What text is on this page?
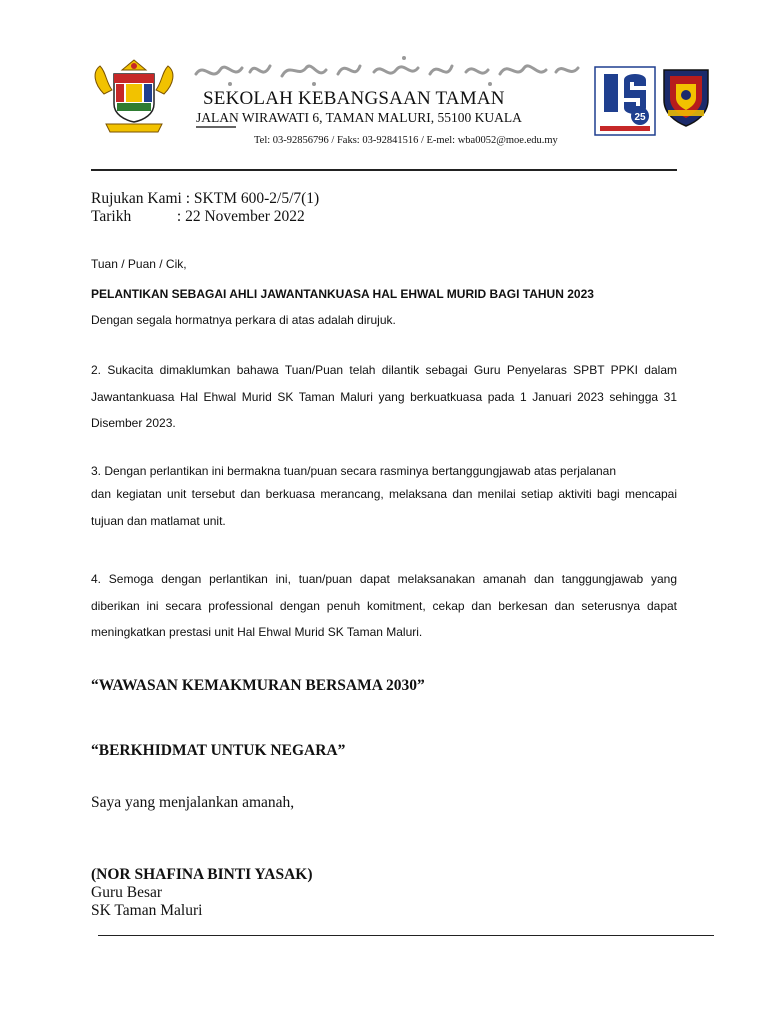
SEKOLAH KEBANGSAAN TAMAN
JALAN WIRAWATI 6, TAMAN MALURI, 55100 KUALA
Tel: 03-92856796 / Faks: 03-92841516 / E-mel: wba0052@moe.edu.my
25
Rujukan Kami : SKTM 600-2/5/7(1)
Tarikh	: 22 November 2022
Tuan / Puan / Cik,
PELANTIKAN SEBAGAI AHLI JAWANTANKUASA HAL EHWAL MURID BAGI TAHUN 2023
Dengan segala hormatnya perkara di atas adalah dirujuk.
2. Sukacita dimaklumkan bahawa Tuan/Puan telah dilantik sebagai Guru Penyelaras SPBT PPKI dalam Jawantankuasa Hal Ehwal Murid SK Taman Maluri yang berkuatkuasa pada 1 Januari 2023 sehingga 31 Disember 2023.
3. Dengan perlantikan ini bermakna tuan/puan secara rasminya bertanggungjawab atas perjalanan
dan kegiatan unit tersebut dan berkuasa merancang, melaksana dan menilai setiap aktiviti bagi mencapai tujuan dan matlamat unit.
4. Semoga dengan perlantikan ini, tuan/puan dapat melaksanakan amanah dan tanggungjawab yang diberikan ini secara professional dengan penuh komitment, cekap dan berkesan dan seterusnya dapat meningkatkan prestasi unit Hal Ehwal Murid SK Taman Maluri.
“WAWASAN KEMAKMURAN BERSAMA 2030”
“BERKHIDMAT UNTUK NEGARA”
Saya yang menjalankan amanah,
(NOR SHAFINA BINTI YASAK)
Guru Besar
SK Taman Maluri
